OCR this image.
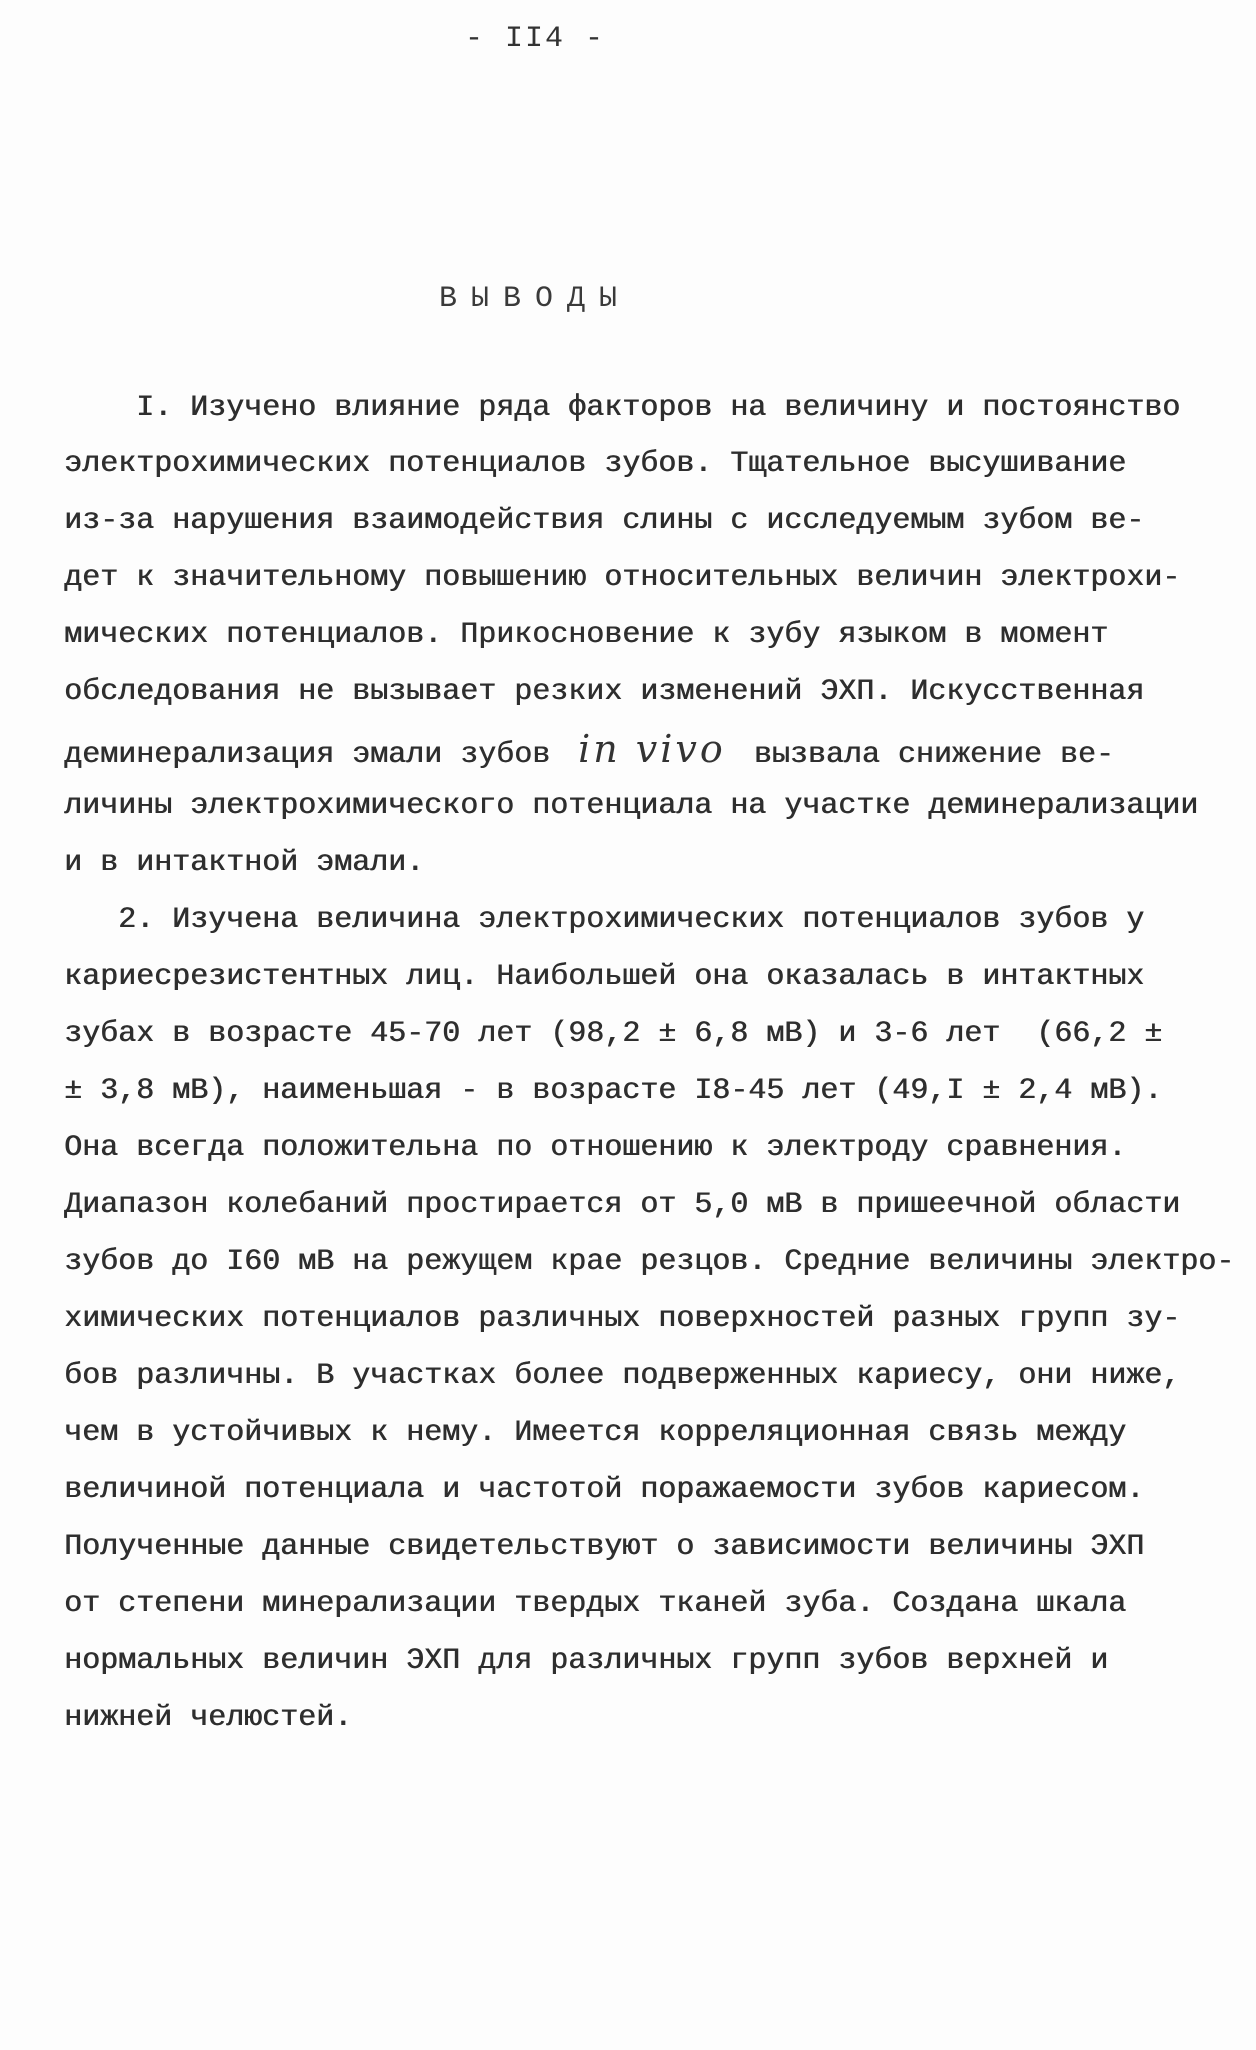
- II4 -
ВЫВОДЫ
I. Изучено влияние ряда факторов на величину и постоянство
электрохимических потенциалов зубов. Тщательное высушивание
из-за нарушения взаимодействия слины с исследуемым зубом ве-
дет к значительному повышению относительных величин электрохи-
мических потенциалов. Прикосновение к зубу языком в момент
обследования не вызывает резких изменений ЭХП. Искусственная
деминерализация эмали зубов in vivo вызвала снижение ве-
личины электрохимического потенциала на участке деминерализации
и в интактной эмали.
2. Изучена величина электрохимических потенциалов зубов у
кариесрезистентных лиц. Наибольшей она оказалась в интактных
зубах в возрасте 45-70 лет (98,2 ± 6,8 мВ) и 3-6 лет  (66,2 ±
± 3,8 мВ), наименьшая - в возрасте I8-45 лет (49,I ± 2,4 мВ).
Она всегда положительна по отношению к электроду сравнения.
Диапазон колебаний простирается от 5,0 мВ в пришеечной области
зубов до I60 мВ на режущем крае резцов. Средние величины электро-
химических потенциалов различных поверхностей разных групп зу-
бов различны. В участках более подверженных кариесу, они ниже,
чем в устойчивых к нему. Имеется корреляционная связь между
величиной потенциала и частотой поражаемости зубов кариесом.
Полученные данные свидетельствуют о зависимости величины ЭХП
от степени минерализации твердых тканей зуба. Создана шкала
нормальных величин ЭХП для различных групп зубов верхней и
нижней челюстей.
